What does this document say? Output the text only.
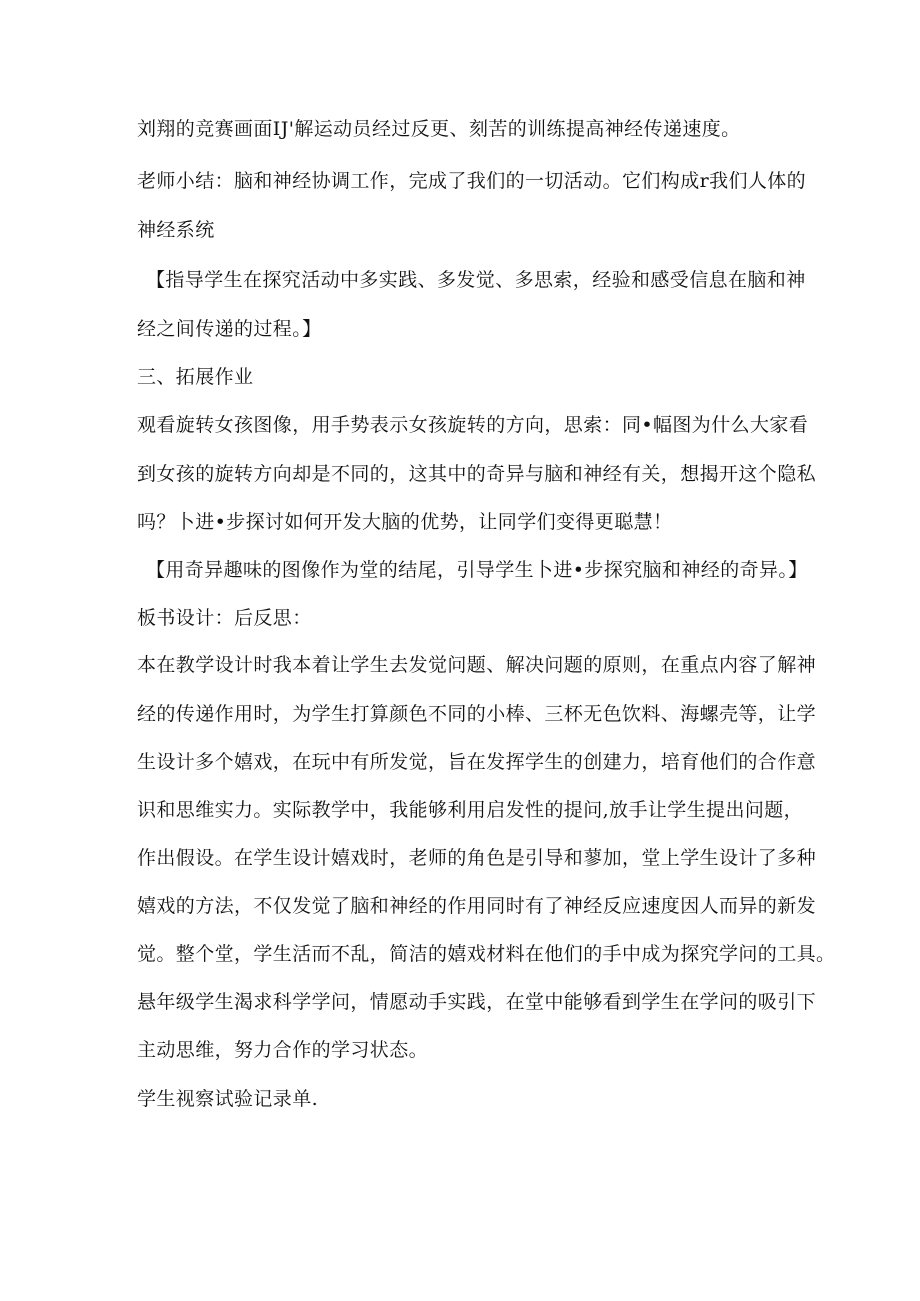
刘翔的竞赛画面IJ'解运动员经过反更、刻苦的训练提高神经传递速度。
老师小结：脑和神经协调工作，完成了我们的一切活动。它们构成r我们人体的
神经系统
【指导学生在探究活动中多实践、多发觉、多思索，经验和感受信息在脑和神
经之间传递的过程。】
三、拓展作业
观看旋转女孩图像，用手势表示女孩旋转的方向，思索：同•幅图为什么大家看
到女孩的旋转方向却是不同的，这其中的奇异与脑和神经有关，想揭开这个隐私
吗？卜进•步探讨如何开发大脑的优势，让同学们变得更聪慧！
【用奇异趣味的图像作为堂的结尾，引导学生卜进•步探究脑和神经的奇异。】
板书设计：后反思：
本在教学设计时我本着让学生去发觉问题、解决问题的原则，在重点内容了解神
经的传递作用时，为学生打算颜色不同的小棒、三杯无色饮料、海螺壳等，让学
生设计多个嬉戏，在玩中有所发觉，旨在发挥学生的创建力，培育他们的合作意
识和思维实力。实际教学中，我能够利用启发性的提问,放手让学生提出问题，
作出假设。在学生设计嬉戏时，老师的角色是引导和蓼加，堂上学生设计了多种
嬉戏的方法，不仅发觉了脑和神经的作用同时有了神经反应速度因人而异的新发
觉。整个堂，学生活而不乱，简洁的嬉戏材料在他们的手中成为探究学问的工具。
悬年级学生渴求科学学问，情愿动手实践，在堂中能够看到学生在学问的吸引下
主动思维，努力合作的学习状态。
学生视察试验记录单.
